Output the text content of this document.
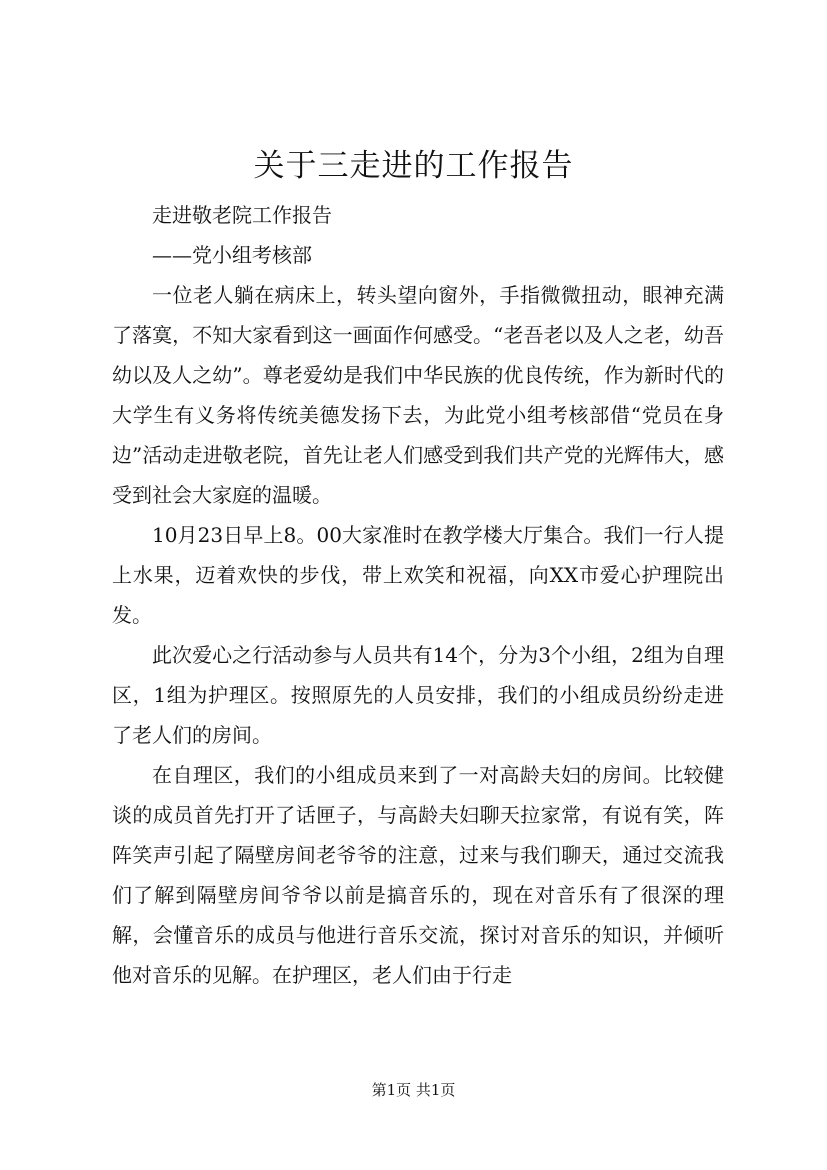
关于三走进的工作报告

走进敬老院工作报告

——党小组考核部

一位老人躺在病床上，转头望向窗外，手指微微扭动，眼神充满了落寞，不知大家看到这一画面作何感受。“老吾老以及人之老，幼吾幼以及人之幼”。尊老爱幼是我们中华民族的优良传统，作为新时代的大学生有义务将传统美德发扬下去，为此党小组考核部借“党员在身边”活动走进敬老院，首先让老人们感受到我们共产党的光辉伟大，感受到社会大家庭的温暖。

10月23日早上8。00大家准时在教学楼大厅集合。我们一行人提上水果，迈着欢快的步伐，带上欢笑和祝福，向XX市爱心护理院出发。

此次爱心之行活动参与人员共有14个，分为3个小组，2组为自理区，1组为护理区。按照原先的人员安排，我们的小组成员纷纷走进了老人们的房间。

在自理区，我们的小组成员来到了一对高龄夫妇的房间。比较健谈的成员首先打开了话匣子，与高龄夫妇聊天拉家常，有说有笑，阵阵笑声引起了隔壁房间老爷爷的注意，过来与我们聊天，通过交流我们了解到隔壁房间爷爷以前是搞音乐的，现在对音乐有了很深的理解，会懂音乐的成员与他进行音乐交流，探讨对音乐的知识，并倾听他对音乐的见解。在护理区，老人们由于行走

第1页 共1页
